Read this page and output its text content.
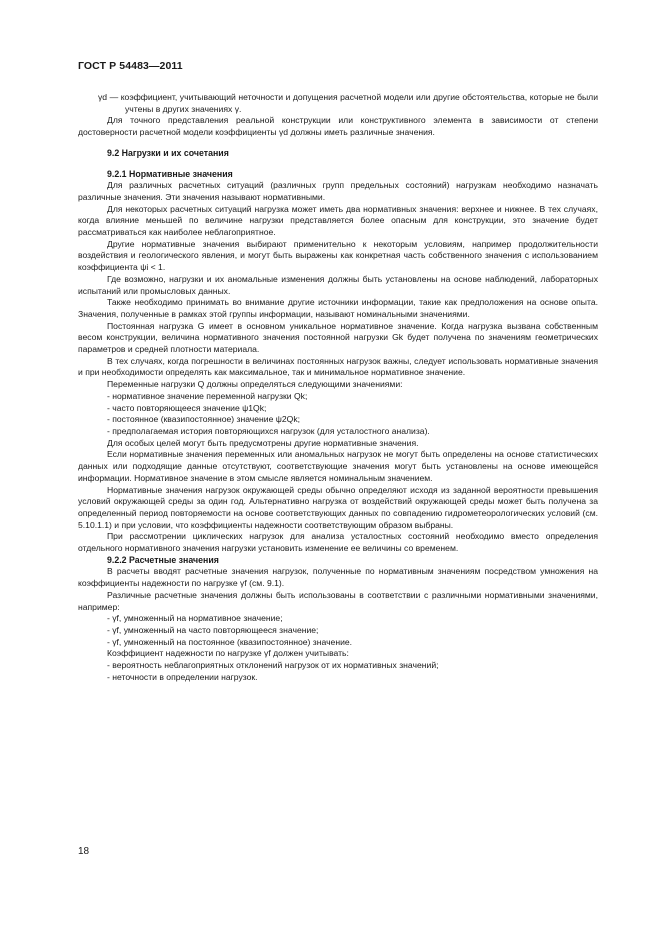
ГОСТ Р 54483—2011

γd — коэффициент, учитывающий неточности и допущения расчетной модели или другие обстоятельства, которые не были учтены в других значениях γ.

Для точного представления реальной конструкции или конструктивного элемента в зависимости от степени достоверности расчетной модели коэффициенты γd должны иметь различные значения.

9.2 Нагрузки и их сочетания

9.2.1 Нормативные значения

Для различных расчетных ситуаций (различных групп предельных состояний) нагрузкам необходимо назначать различные значения. Эти значения называют нормативными.

Для некоторых расчетных ситуаций нагрузка может иметь два нормативных значения: верхнее и нижнее. В тех случаях, когда влияние меньшей по величине нагрузки представляется более опасным для конструкции, это значение будет рассматриваться как наиболее неблагоприятное.

Другие нормативные значения выбирают применительно к некоторым условиям, например продолжительности воздействия и геологического явления, и могут быть выражены как конкретная часть собственного значения с использованием коэффициента ψi < 1.

Где возможно, нагрузки и их аномальные изменения должны быть установлены на основе наблюдений, лабораторных испытаний или промысловых данных.

Также необходимо принимать во внимание другие источники информации, такие как предположения на основе опыта. Значения, полученные в рамках этой группы информации, называют номинальными значениями.

Постоянная нагрузка G имеет в основном уникальное нормативное значение. Когда нагрузка вызвана собственным весом конструкции, величина нормативного значения постоянной нагрузки Gk будет получена по значениям геометрических параметров и средней плотности материала.

В тех случаях, когда погрешности в величинах постоянных нагрузок важны, следует использовать нормативные значения и при необходимости определять как максимальное, так и минимальное нормативное значение.

Переменные нагрузки Q должны определяться следующими значениями:

- нормативное значение переменной нагрузки Qk;

- часто повторяющееся значение ψ1Qk;

- постоянное (квазипостоянное) значение ψ2Qk;

- предполагаемая история повторяющихся нагрузок (для усталостного анализа).

Для особых целей могут быть предусмотрены другие нормативные значения.

Если нормативные значения переменных или аномальных нагрузок не могут быть определены на основе статистических данных или подходящие данные отсутствуют, соответствующие значения могут быть установлены на основе имеющейся информации. Нормативное значение в этом смысле является номинальным значением.

Нормативные значения нагрузок окружающей среды обычно определяют исходя из заданной вероятности превышения условий окружающей среды за один год. Альтернативно нагрузка от воздействий окружающей среды может быть получена за определенный период повторяемости на основе соответствующих данных по совпадению гидрометеорологических условий (см. 5.10.1.1) и при условии, что коэффициенты надежности соответствующим образом выбраны.

При рассмотрении циклических нагрузок для анализа усталостных состояний необходимо вместо определения отдельного нормативного значения нагрузки установить изменение ее величины со временем.

9.2.2 Расчетные значения

В расчеты вводят расчетные значения нагрузок, полученные по нормативным значениям посредством умножения на коэффициенты надежности по нагрузке γf (см. 9.1).

Различные расчетные значения должны быть использованы в соответствии с различными нормативными значениями, например:

- γf, умноженный на нормативное значение;

- γf, умноженный на часто повторяющееся значение;

- γf, умноженный на постоянное (квазипостоянное) значение.

Коэффициент надежности по нагрузке γf должен учитывать:

- вероятность неблагоприятных отклонений нагрузок от их нормативных значений;

- неточности в определении нагрузок.

18
